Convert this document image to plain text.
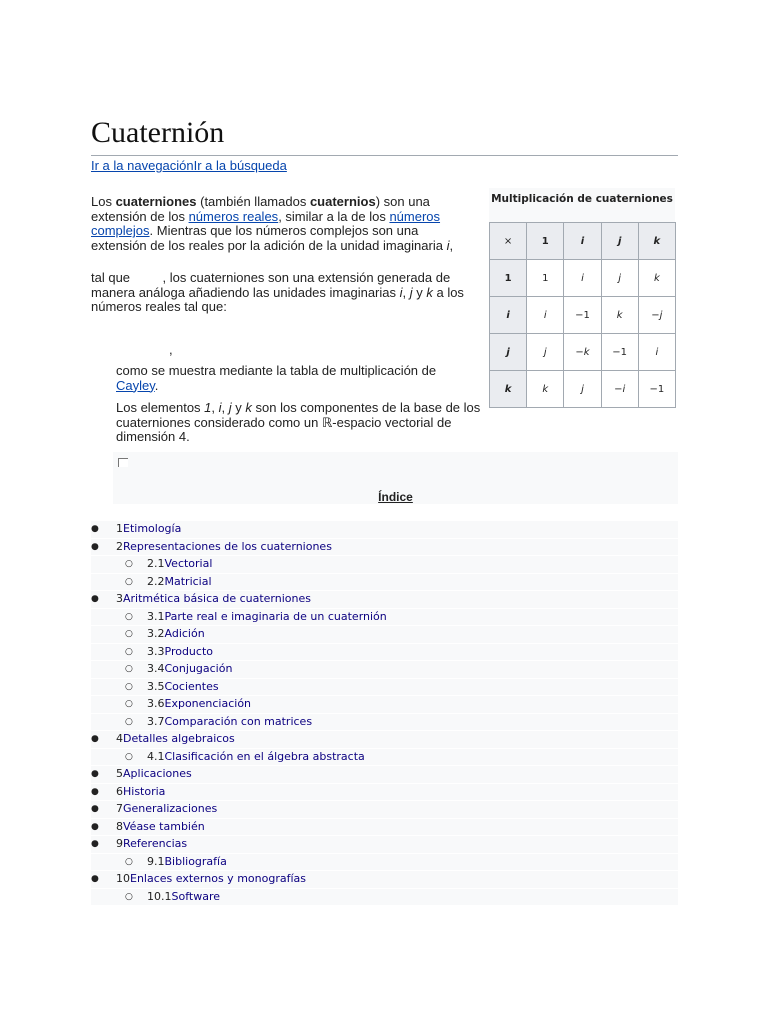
Cuaternión
Ir a la navegaciónIr a la búsqueda
Los cuaterniones (también llamados cuaternios) son una extensión de los números reales, similar a la de los números complejos. Mientras que los números complejos son una extensión de los reales por la adición de la unidad imaginaria i,
tal que         , los cuaterniones son una extensión generada de manera análoga añadiendo las unidades imaginarias i, j y k a los números reales tal que:
,
como se muestra mediante la tabla de multiplicación de Cayley.
Los elementos 1, i, j y k son los componentes de la base de los cuaterniones considerado como un ℝ-espacio vectorial de dimensión 4.
Multiplicación de cuaterniones
×	1	i	j	k
1	1	i	j	k
i	i	−1	k	−j
j	j	−k	−1	i
k	k	j	−i	−1
Índice
● 1Etimología
● 2Representaciones de los cuaterniones
○ 2.1Vectorial
○ 2.2Matricial
● 3Aritmética básica de cuaterniones
○ 3.1Parte real e imaginaria de un cuaternión
○ 3.2Adición
○ 3.3Producto
○ 3.4Conjugación
○ 3.5Cocientes
○ 3.6Exponenciación
○ 3.7Comparación con matrices
● 4Detalles algebraicos
○ 4.1Clasificación en el álgebra abstracta
● 5Aplicaciones
● 6Historia
● 7Generalizaciones
● 8Véase también
● 9Referencias
○ 9.1Bibliografía
● 10Enlaces externos y monografías
○ 10.1Software
